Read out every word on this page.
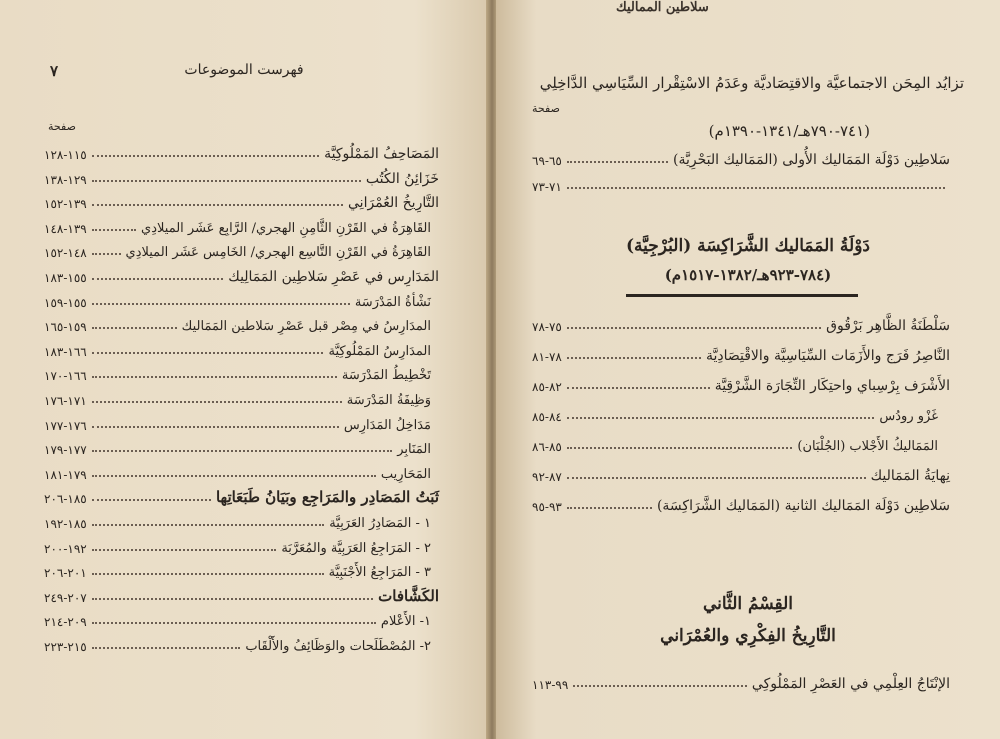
فهرست الموضوعات
٧
صفحة
المَصَاحِفُ المَمْلُوكِيَّة
١١٥-١٢٨
خَزَائِنُ الكُتُب
١٢٩-١٣٨
التَّارِيخُ العُمْرَانِي
١٣٩-١٥٢
القَاهِرَةُ في القَرْنِ الثَّامِنِ الهجري/ الرَّابِع عَشَر الميلادِي
١٣٩-١٤٨
القَاهِرَةُ في القَرْنِ التَّاسِع الهجري/ الخَامِس عَشَر الميلادِي
١٤٨-١٥٢
المَدَارِس في عَصْرِ سَلاطِين المَمَالِيك
١٥٥-١٨٣
نَشْأةُ المَدْرَسَة
١٥٥-١٥٩
المدَارِسُ في مِصْر قبل عَصْرِ سَلاطين المَمَاليك
١٥٩-١٦٥
المدَارِسُ المَمْلُوكِيَّة
١٦٦-١٨٣
تَخْطِيطُ المَدْرَسَة
١٦٦-١٧٠
وَظِيفَةُ المَدْرَسَة
١٧١-١٧٦
مَدَاخِلُ المَدَارِس
١٧٦-١٧٧
المَنَابِر
١٧٧-١٧٩
المَحَارِيب
١٧٩-١٨١
ثَبَتُ المَصَادِر والمَرَاجِع وبَيَانُ طَبَعَاتِها
١٨٥-٢٠٦
١ - المَصَادِرُ العَرَبِيَّة
١٨٥-١٩٢
٢ - المَرَاجِعُ العَرَبِيَّة والمُعَرَّبَة
١٩٢-٢٠٠
٣ - المَرَاجِعُ الأَجْنَبِيَّة
٢٠١-٢٠٦
الكَشَّافات
٢٠٧-٢٤٩
١- الأَعْلام
٢٠٩-٢١٤
٢- المُصْطَلَحات والوَظَائِفُ والأَلْقَاب
٢١٥-٢٢٣
سلاطين المماليك
تزايُد المِحَن الاجتماعيَّة والاقتِصَاديَّة وعَدَمُ الاسْتِقْرار السِّيَاسِي الدَّاخِلِي
صفحة
(٧٤١-٧٩٠هـ/١٣٤١-١٣٩٠م)
سَلاطِين دَوْلَة المَمَاليك الأُولى (المَمَاليك البَحْرِيَّة)
٦٥-٦٩
٧١-٧٣
دَوْلَةُ المَمَاليك الشَّرَاكِسَة (البُرْجِيَّة)
(٧٨٤-٩٢٣هـ/١٣٨٢-١٥١٧م)
سَلْطَنَةُ الظَّاهِر بَرْقُوق
٧٥-٧٨
النَّاصِرُ فَرَج والأَزَمَات السِّيَاسِيَّة والاقْتِصَادِيَّة
٧٨-٨١
الأَشْرَف بِرْسِباي واحتِكَار التِّجَارَة الشَّرْقِيَّة
٨٢-٨٥
غَزْو رودُس
٨٤-٨٥
المَمَاليكُ الأَجْلاب (الجُلْبَان)
٨٥-٨٦
نِهايَةُ المَمَاليك
٨٧-٩٢
سَلاطِين دَوْلَة المَمَاليك الثانية (المَمَاليك الشَّرَاكِسَة)
٩٣-٩٥
القِسْمُ الثَّاني
التَّارِيخُ الفِكْرِي والعُمْرَاني
الإنْتَاجُ العِلْمِي في العَصْرِ المَمْلُوكِي
٩٩-١١٣
